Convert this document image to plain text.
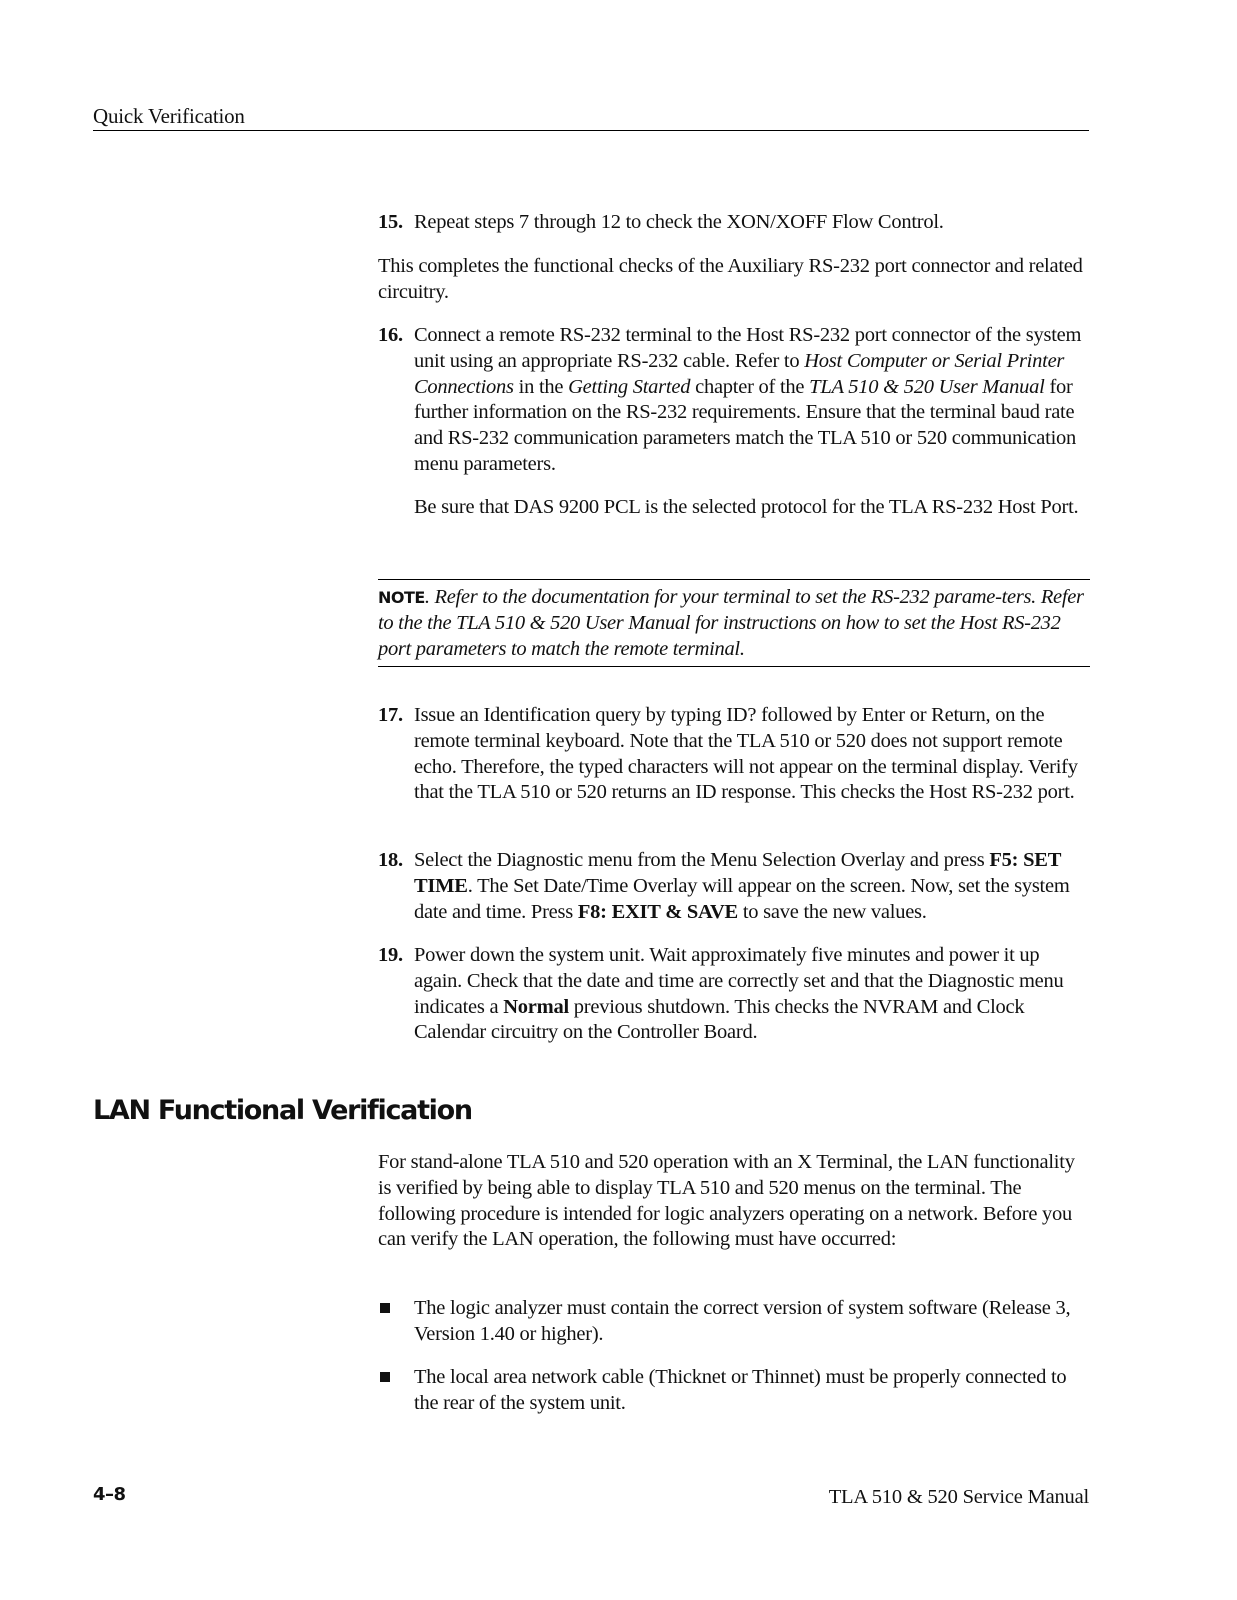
Quick Verification
15. Repeat steps 7 through 12 to check the XON/XOFF Flow Control.
This completes the functional checks of the Auxiliary RS-232 port connector and related circuitry.
16. Connect a remote RS-232 terminal to the Host RS-232 port connector of the system unit using an appropriate RS-232 cable. Refer to Host Computer or Serial Printer Connections in the Getting Started chapter of the TLA 510 & 520 User Manual for further information on the RS-232 requirements. Ensure that the terminal baud rate and RS-232 communication parameters match the TLA 510 or 520 communication menu parameters.
Be sure that DAS 9200 PCL is the selected protocol for the TLA RS-232 Host Port.
NOTE. Refer to the documentation for your terminal to set the RS-232 parame-ters. Refer to the the TLA 510 & 520 User Manual for instructions on how to set the Host RS-232 port parameters to match the remote terminal.
17. Issue an Identification query by typing ID? followed by Enter or Return, on the remote terminal keyboard. Note that the TLA 510 or 520 does not support remote echo. Therefore, the typed characters will not appear on the terminal display. Verify that the TLA 510 or 520 returns an ID response. This checks the Host RS-232 port.
18. Select the Diagnostic menu from the Menu Selection Overlay and press F5: SET TIME. The Set Date/Time Overlay will appear on the screen. Now, set the system date and time. Press F8: EXIT & SAVE to save the new values.
19. Power down the system unit. Wait approximately five minutes and power it up again. Check that the date and time are correctly set and that the Diagnostic menu indicates a Normal previous shutdown. This checks the NVRAM and Clock Calendar circuitry on the Controller Board.
LAN Functional Verification
For stand-alone TLA 510 and 520 operation with an X Terminal, the LAN functionality is verified by being able to display TLA 510 and 520 menus on the terminal. The following procedure is intended for logic analyzers operating on a network. Before you can verify the LAN operation, the following must have occurred:
The logic analyzer must contain the correct version of system software (Release 3, Version 1.40 or higher).
The local area network cable (Thicknet or Thinnet) must be properly connected to the rear of the system unit.
4–8	TLA 510 & 520 Service Manual
